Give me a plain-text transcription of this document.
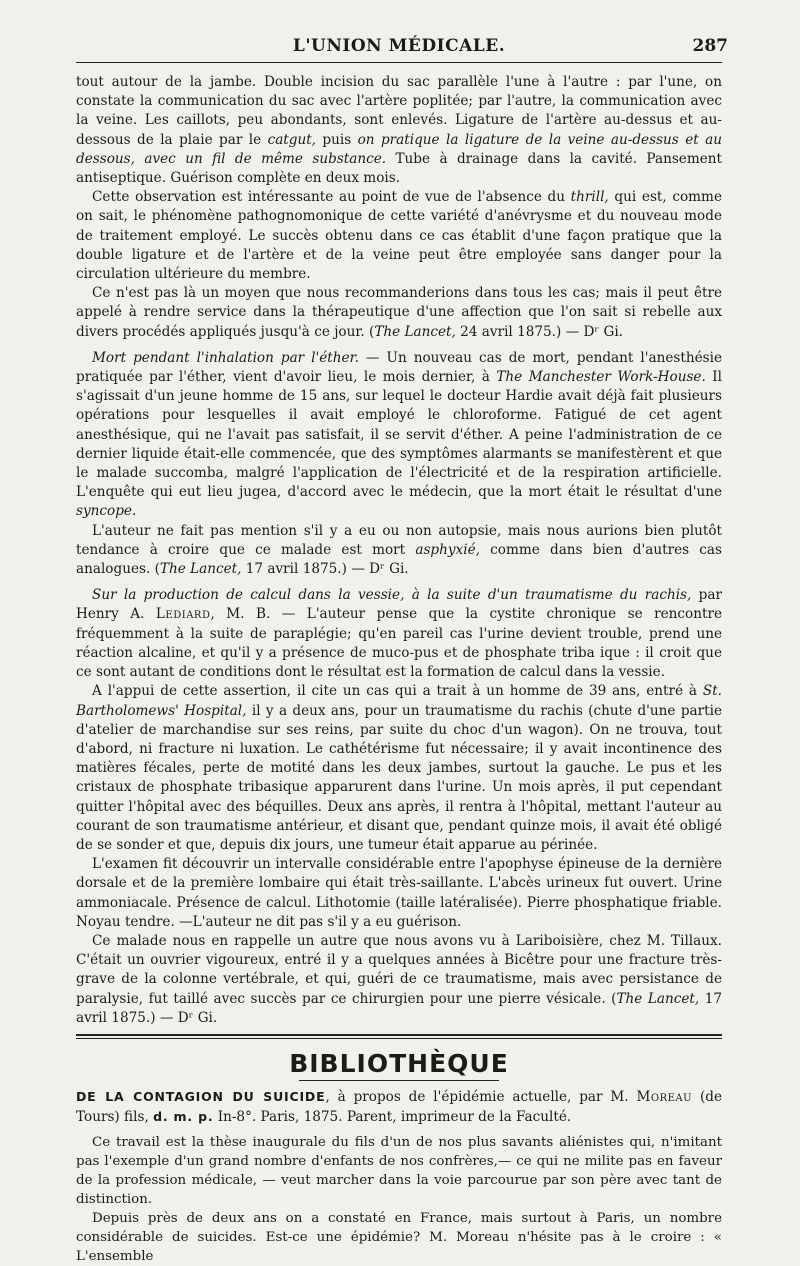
L'UNION MÉDICALE.	287

tout autour de la jambe. Double incision du sac parallèle l'une à l'autre : par l'une, on constate la communication du sac avec l'artère poplitée; par l'autre, la communication avec la veine. Les caillots, peu abondants, sont enlevés. Ligature de l'artère au-dessus et au-dessous de la plaie par le catgut, puis on pratique la ligature de la veine au-dessus et au dessous, avec un fil de même substance. Tube à drainage dans la cavité. Pansement antiseptique. Guérison complète en deux mois.

Cette observation est intéressante au point de vue de l'absence du thrill, qui est, comme on sait, le phénomène pathognomonique de cette variété d'anévrysme et du nouveau mode de traitement employé. Le succès obtenu dans ce cas établit d'une façon pratique que la double ligature et de l'artère et de la veine peut être employée sans danger pour la circulation ultérieure du membre.

Ce n'est pas là un moyen que nous recommanderions dans tous les cas; mais il peut être appelé à rendre service dans la thérapeutique d'une affection que l'on sait si rebelle aux divers procédés appliqués jusqu'à ce jour. (The Lancet, 24 avril 1875.) — Dʳ Gi.

Mort pendant l'inhalation par l'éther. — Un nouveau cas de mort, pendant l'anesthésie pratiquée par l'éther, vient d'avoir lieu, le mois dernier, à The Manchester Work-House. Il s'agissait d'un jeune homme de 15 ans, sur lequel le docteur Hardie avait déjà fait plusieurs opérations pour lesquelles il avait employé le chloroforme. Fatigué de cet agent anesthésique, qui ne l'avait pas satisfait, il se servit d'éther. A peine l'administration de ce dernier liquide était-elle commencée, que des symptômes alarmants se manifestèrent et que le malade succomba, malgré l'application de l'électricité et de la respiration artificielle. L'enquête qui eut lieu jugea, d'accord avec le médecin, que la mort était le résultat d'une syncope.

L'auteur ne fait pas mention s'il y a eu ou non autopsie, mais nous aurions bien plutôt tendance à croire que ce malade est mort asphyxié, comme dans bien d'autres cas analogues. (The Lancet, 17 avril 1875.) — Dʳ Gi.

Sur la production de calcul dans la vessie, à la suite d'un traumatisme du rachis, par Henry A. Lediard, M. B. — L'auteur pense que la cystite chronique se rencontre fréquemment à la suite de paraplégie; qu'en pareil cas l'urine devient trouble, prend une réaction alcaline, et qu'il y a présence de muco-pus et de phosphate triba ique : il croit que ce sont autant de conditions dont le résultat est la formation de calcul dans la vessie.

A l'appui de cette assertion, il cite un cas qui a trait à un homme de 39 ans, entré à St. Bartholomews' Hospital, il y a deux ans, pour un traumatisme du rachis (chute d'une partie d'atelier de marchandise sur ses reins, par suite du choc d'un wagon). On ne trouva, tout d'abord, ni fracture ni luxation. Le cathétérisme fut nécessaire; il y avait incontinence des matières fécales, perte de motité dans les deux jambes, surtout la gauche. Le pus et les cristaux de phosphate tribasique apparurent dans l'urine. Un mois après, il put cependant quitter l'hôpital avec des béquilles. Deux ans après, il rentra à l'hôpital, mettant l'auteur au courant de son traumatisme antérieur, et disant que, pendant quinze mois, il avait été obligé de se sonder et que, depuis dix jours, une tumeur était apparue au périnée.

L'examen fit découvrir un intervalle considérable entre l'apophyse épineuse de la dernière dorsale et de la première lombaire qui était très-saillante. L'abcès urineux fut ouvert. Urine ammoniacale. Présence de calcul. Lithotomie (taille latéralisée). Pierre phosphatique friable. Noyau tendre. —L'auteur ne dit pas s'il y a eu guérison.

Ce malade nous en rappelle un autre que nous avons vu à Lariboisière, chez M. Tillaux. C'était un ouvrier vigoureux, entré il y a quelques années à Bicêtre pour une fracture très-grave de la colonne vertébrale, et qui, guéri de ce traumatisme, mais avec persistance de paralysie, fut taillé avec succès par ce chirurgien pour une pierre vésicale. (The Lancet, 17 avril 1875.) — Dʳ Gi.

BIBLIOTHÈQUE
DE LA CONTAGION DU SUICIDE, à propos de l'épidémie actuelle, par M. Moreau (de Tours) fils, d. m. p. In-8°. Paris, 1875. Parent, imprimeur de la Faculté.

Ce travail est la thèse inaugurale du fils d'un de nos plus savants aliénistes qui, n'imitant pas l'exemple d'un grand nombre d'enfants de nos confrères,— ce qui ne milite pas en faveur de la profession médicale, — veut marcher dans la voie parcourue par son père avec tant de distinction.

Depuis près de deux ans on a constaté en France, mais surtout à Paris, un nombre considérable de suicides. Est-ce une épidémie? M. Moreau n'hésite pas à le croire : « L'ensemble
